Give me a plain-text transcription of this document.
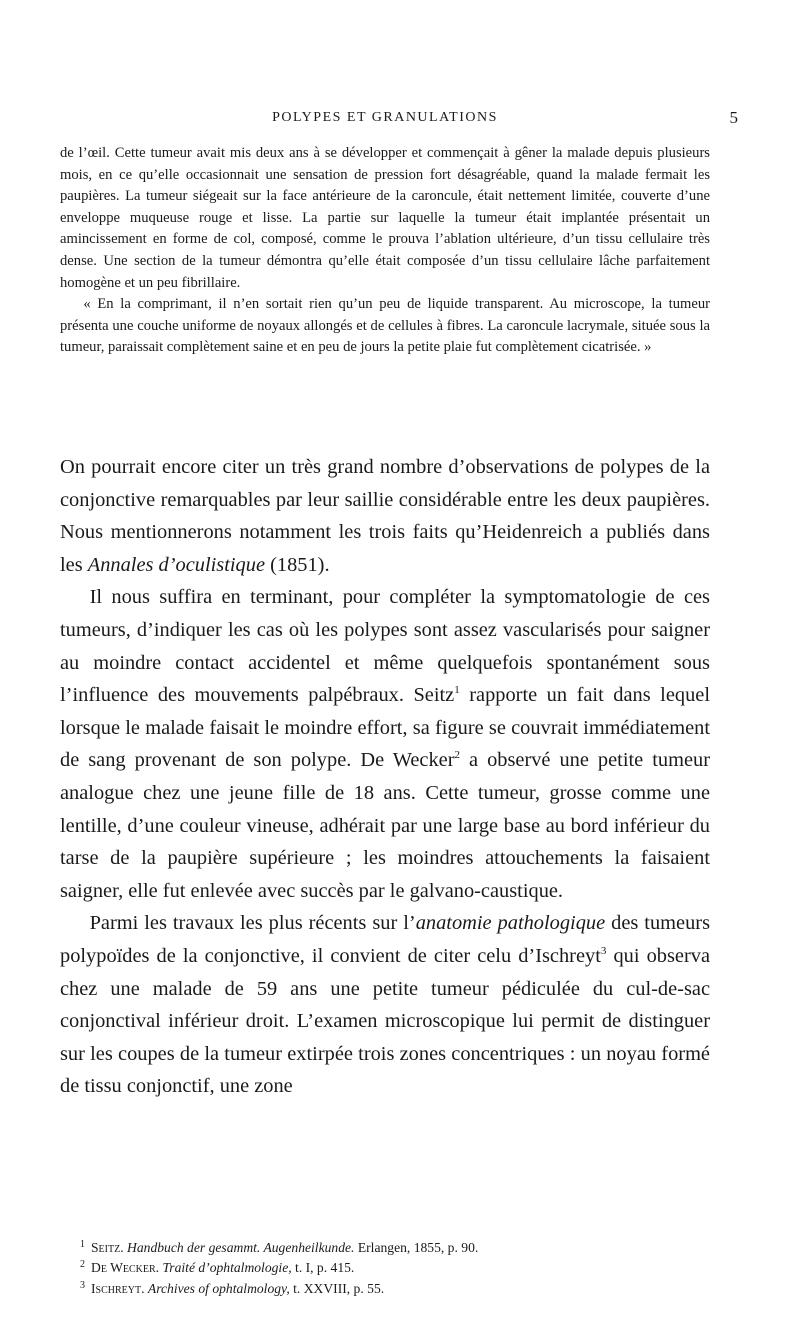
POLYPES ET GRANULATIONS	5

de l’œil. Cette tumeur avait mis deux ans à se développer et commençait à gêner la malade depuis plusieurs mois, en ce qu’elle occasionnait une sensation de pression fort désagréable, quand la malade fermait les paupières. La tumeur siégeait sur la face antérieure de la caroncule, était nettement limitée, couverte d’une enveloppe muqueuse rouge et lisse. La partie sur laquelle la tumeur était implantée présentait un amincissement en forme de col, composé, comme le prouva l’ablation ultérieure, d’un tissu cellulaire très dense. Une section de la tumeur démontra qu’elle était composée d’un tissu cellulaire lâche parfaitement homogène et un peu fibrillaire.

« En la comprimant, il n’en sortait rien qu’un peu de liquide transparent. Au microscope, la tumeur présenta une couche uniforme de noyaux allongés et de cellules à fibres. La caroncule lacrymale, située sous la tumeur, paraissait complètement saine et en peu de jours la petite plaie fut complètement cicatrisée. »

On pourrait encore citer un très grand nombre d’observations de polypes de la conjonctive remarquables par leur saillie considérable entre les deux paupières. Nous mentionnerons notamment les trois faits qu’Heidenreich a publiés dans les Annales d’oculistique (1851).

Il nous suffira en terminant, pour compléter la symptomatologie de ces tumeurs, d’indiquer les cas où les polypes sont assez vascularisés pour saigner au moindre contact accidentel et même quelquefois spontanément sous l’influence des mouvements palpébraux. Seitz$^1$ rapporte un fait dans lequel lorsque le malade faisait le moindre effort, sa figure se couvrait immédiatement de sang provenant de son polype. De Wecker$^2$ a observé une petite tumeur analogue chez une jeune fille de 18 ans. Cette tumeur, grosse comme une lentille, d’une couleur vineuse, adhérait par une large base au bord inférieur du tarse de la paupière supérieure ; les moindres attouchements la faisaient saigner, elle fut enlevée avec succès par le galvano-caustique.

Parmi les travaux les plus récents sur l’anatomie pathologique des tumeurs polypoïdes de la conjonctive, il convient de citer celu d’Ischreyt$^3$ qui observa chez une malade de 59 ans une petite tumeur pédiculée du cul-de-sac conjonctival inférieur droit. L’examen microscopique lui permit de distinguer sur les coupes de la tumeur extirpée trois zones concentriques : un noyau formé de tissu conjonctif, une zone

$^1$ Seitz. Handbuch der gesammt. Augenheilkunde. Erlangen, 1855, p. 90.
$^2$ De Wecker. Traité d’ophtalmologie, t. I, p. 415.
$^3$ Ischreyt. Archives of ophtalmology, t. XXVIII, p. 55.
